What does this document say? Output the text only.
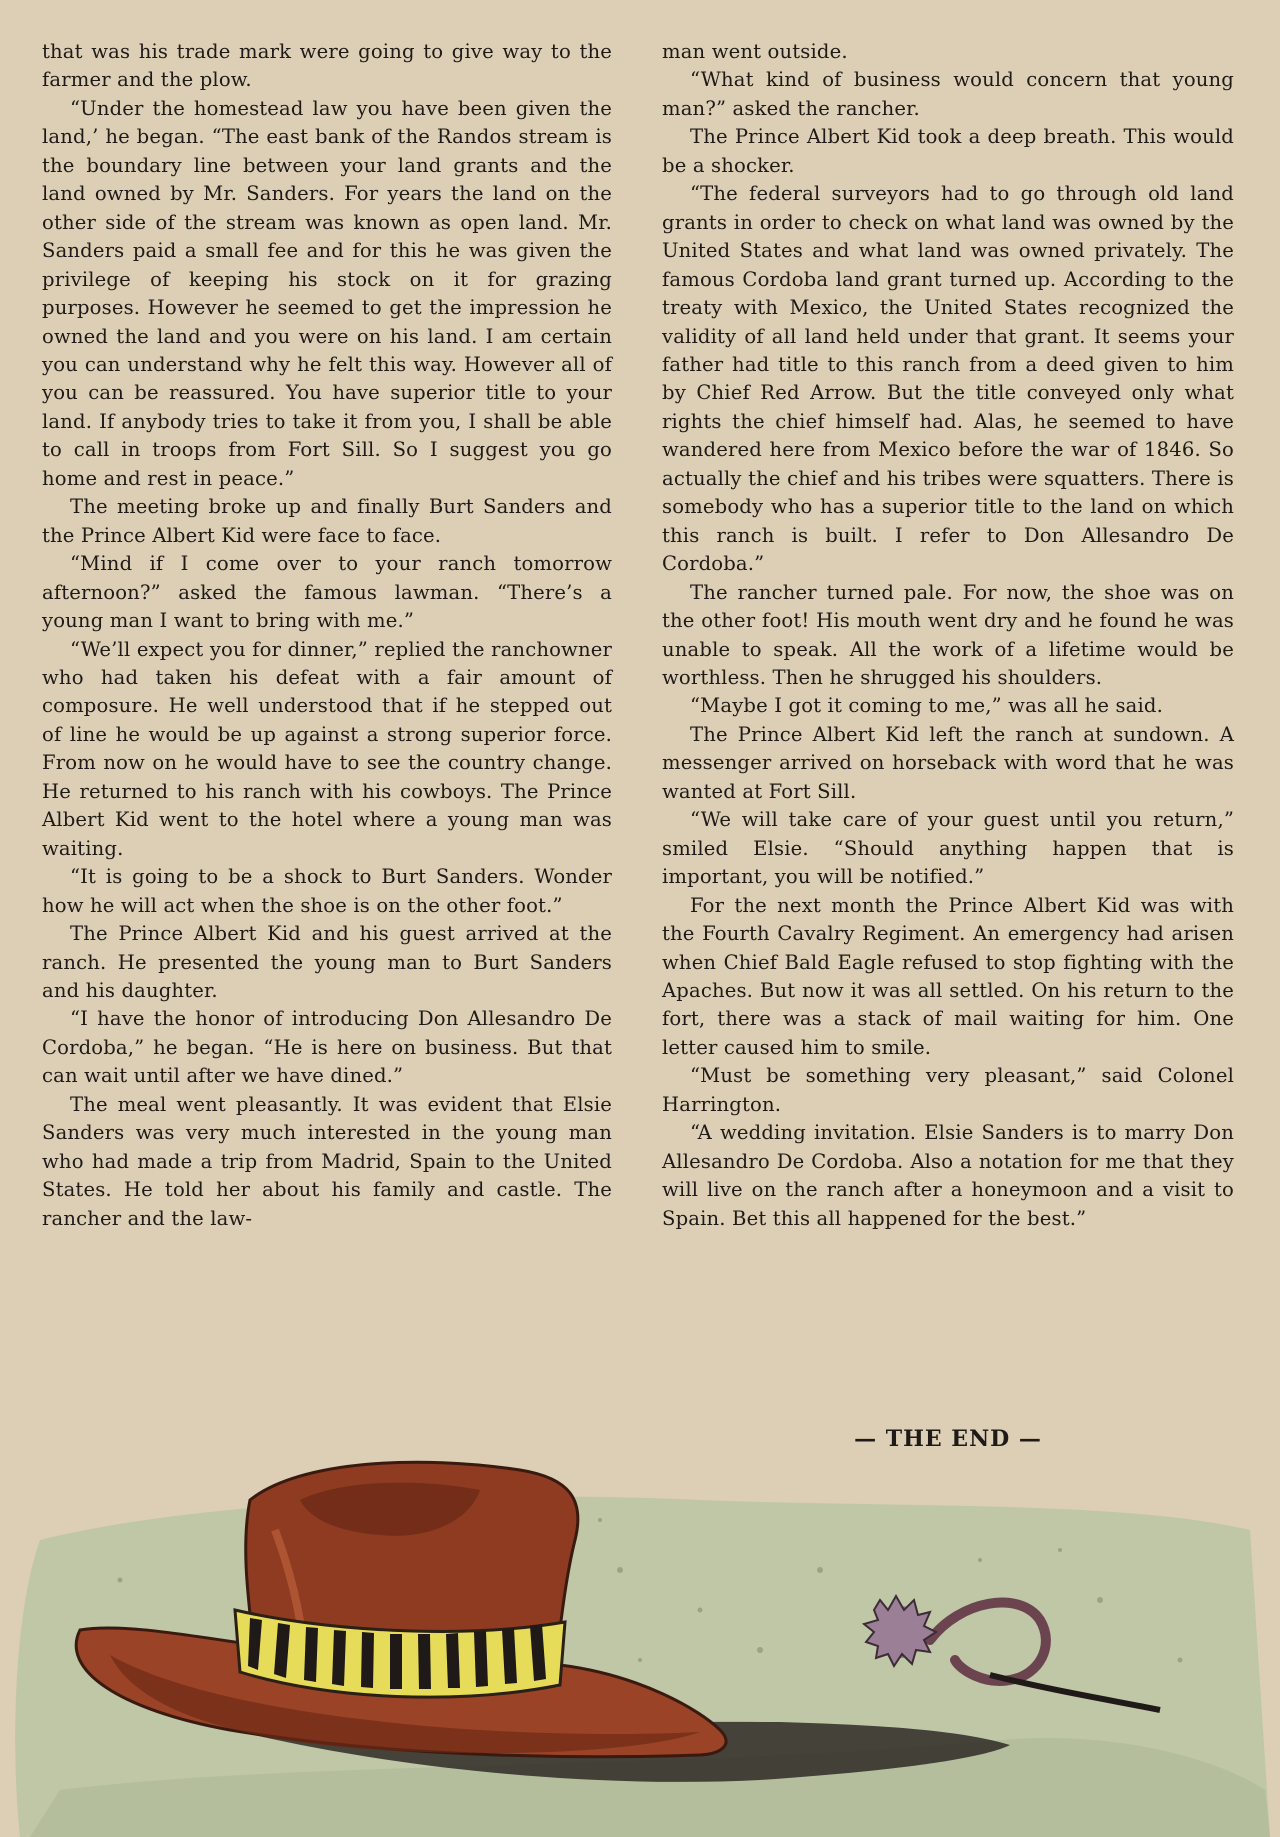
that was his trade mark were going to give way to the farmer and the plow.

“Under the homestead law you have been given the land,’ he began. “The east bank of the Randos stream is the boundary line between your land grants and the land owned by Mr. Sanders. For years the land on the other side of the stream was known as open land. Mr. Sanders paid a small fee and for this he was given the privilege of keeping his stock on it for grazing purposes. However he seemed to get the impression he owned the land and you were on his land. I am certain you can understand why he felt this way. However all of you can be reassured. You have superior title to your land. If anybody tries to take it from you, I shall be able to call in troops from Fort Sill. So I suggest you go home and rest in peace.”

The meeting broke up and finally Burt Sanders and the Prince Albert Kid were face to face.

“Mind if I come over to your ranch tomorrow afternoon?” asked the famous lawman. “There’s a young man I want to bring with me.”

“We’ll expect you for dinner,” replied the ranchowner who had taken his defeat with a fair amount of composure. He well understood that if he stepped out of line he would be up against a strong superior force. From now on he would have to see the country change. He returned to his ranch with his cowboys. The Prince Albert Kid went to the hotel where a young man was waiting.

“It is going to be a shock to Burt Sanders. Wonder how he will act when the shoe is on the other foot.”

The Prince Albert Kid and his guest arrived at the ranch. He presented the young man to Burt Sanders and his daughter.

“I have the honor of introducing Don Allesandro De Cordoba,” he began. “He is here on business. But that can wait until after we have dined.”

The meal went pleasantly. It was evident that Elsie Sanders was very much interested in the young man who had made a trip from Madrid, Spain to the United States. He told her about his family and castle. The rancher and the law-

man went outside.

“What kind of business would concern that young man?” asked the rancher.

The Prince Albert Kid took a deep breath. This would be a shocker.

“The federal surveyors had to go through old land grants in order to check on what land was owned by the United States and what land was owned privately. The famous Cordoba land grant turned up. According to the treaty with Mexico, the United States recognized the validity of all land held under that grant. It seems your father had title to this ranch from a deed given to him by Chief Red Arrow. But the title conveyed only what rights the chief himself had. Alas, he seemed to have wandered here from Mexico before the war of 1846. So actually the chief and his tribes were squatters. There is somebody who has a superior title to the land on which this ranch is built. I refer to Don Allesandro De Cordoba.”

The rancher turned pale. For now, the shoe was on the other foot! His mouth went dry and he found he was unable to speak. All the work of a lifetime would be worthless. Then he shrugged his shoulders.

“Maybe I got it coming to me,” was all he said.

The Prince Albert Kid left the ranch at sundown. A messenger arrived on horseback with word that he was wanted at Fort Sill.

“We will take care of your guest until you return,” smiled Elsie. “Should anything happen that is important, you will be notified.”

For the next month the Prince Albert Kid was with the Fourth Cavalry Regiment. An emergency had arisen when Chief Bald Eagle refused to stop fighting with the Apaches. But now it was all settled. On his return to the fort, there was a stack of mail waiting for him. One letter caused him to smile.

“Must be something very pleasant,” said Colonel Harrington.

“A wedding invitation. Elsie Sanders is to marry Don Allesandro De Cordoba. Also a notation for me that they will live on the ranch after a honeymoon and a visit to Spain. Bet this all happened for the best.”

— THE END —
